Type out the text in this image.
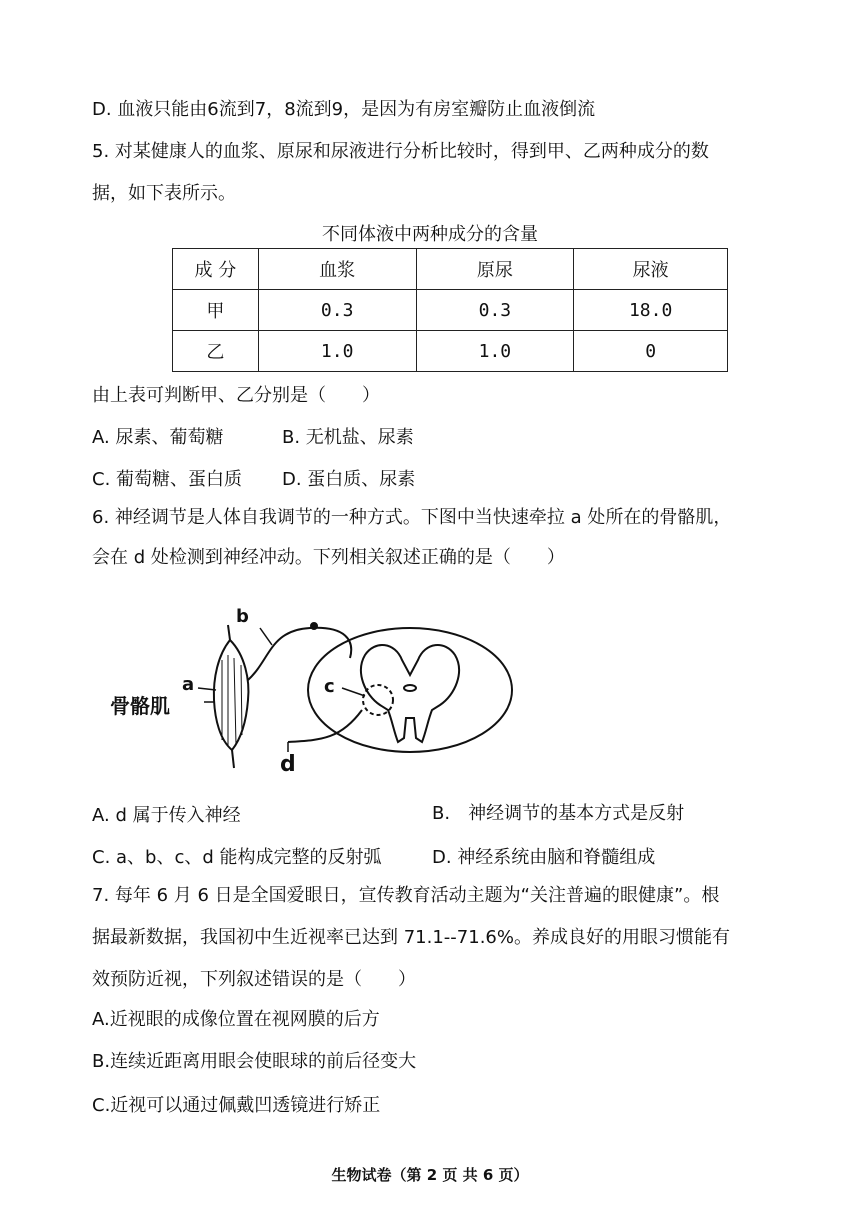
D. 血液只能由6流到7，8流到9，是因为有房室瓣防止血液倒流
5. 对某健康人的血浆、原尿和尿液进行分析比较时，得到甲、乙两种成分的数
据，如下表所示。
不同体液中两种成分的含量
成 分	血浆	原尿	尿液
甲	0.3	0.3	18.0
乙	1.0	1.0	0
由上表可判断甲、乙分别是（　　）
A. 尿素、葡萄糖	B. 无机盐、尿素
C. 葡萄糖、蛋白质 D. 蛋白质、尿素
6. 神经调节是人体自我调节的一种方式。下图中当快速牵拉 a 处所在的骨骼肌，
会在 d 处检测到神经冲动。下列相关叙述正确的是（　　）
b
a	c
d
骨骼肌
A. d 属于传入神经	B.　神经调节的基本方式是反射
C. a、b、c、d 能构成完整的反射弧	D. 神经系统由脑和脊髓组成
7. 每年 6 月 6 日是全国爱眼日，宣传教育活动主题为“关注普遍的眼健康”。根
据最新数据，我国初中生近视率已达到 71.1--71.6%。养成良好的用眼习惯能有
效预防近视，下列叙述错误的是（　　）
A.近视眼的成像位置在视网膜的后方
B.连续近距离用眼会使眼球的前后径变大
C.近视可以通过佩戴凹透镜进行矫正
生物试卷（第 2 页 共 6 页）
